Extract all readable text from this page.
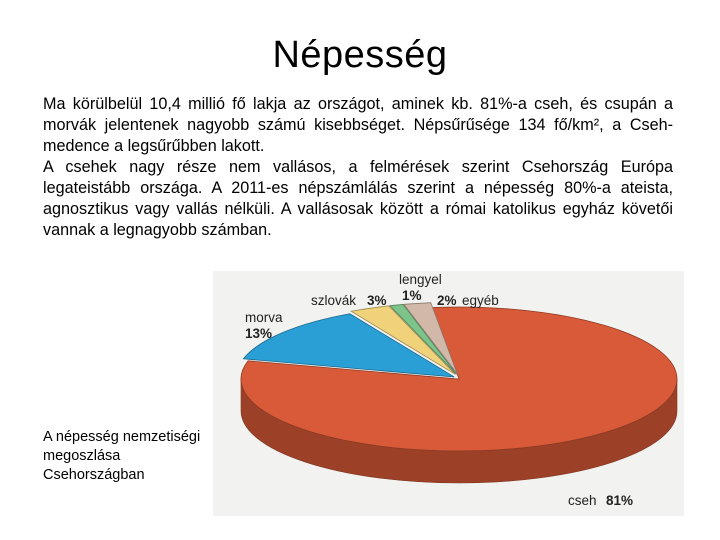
Népesség

Ma körülbelül 10,4 millió fő lakja az országot, aminek kb. 81%-a cseh, és csupán a morvák jelentenek nagyobb számú kisebbséget. Népsűrűsége 134 fő/km², a Cseh-medence a legsűrűbben lakott.

A csehek nagy része nem vallásos, a felmérések szerint Csehország Európa legateistább országa. A 2011-es népszámlálás szerint a népesség 80%-a ateista, agnosztikus vagy vallás nélküli. A vallásosak között a római katolikus egyház követői vannak a legnagyobb számban.

cseh 81%
morva
13%
szlovák 3%
lengyel
1% 2% egyéb
A népesség nemzetiségi megoszlása Csehországban
